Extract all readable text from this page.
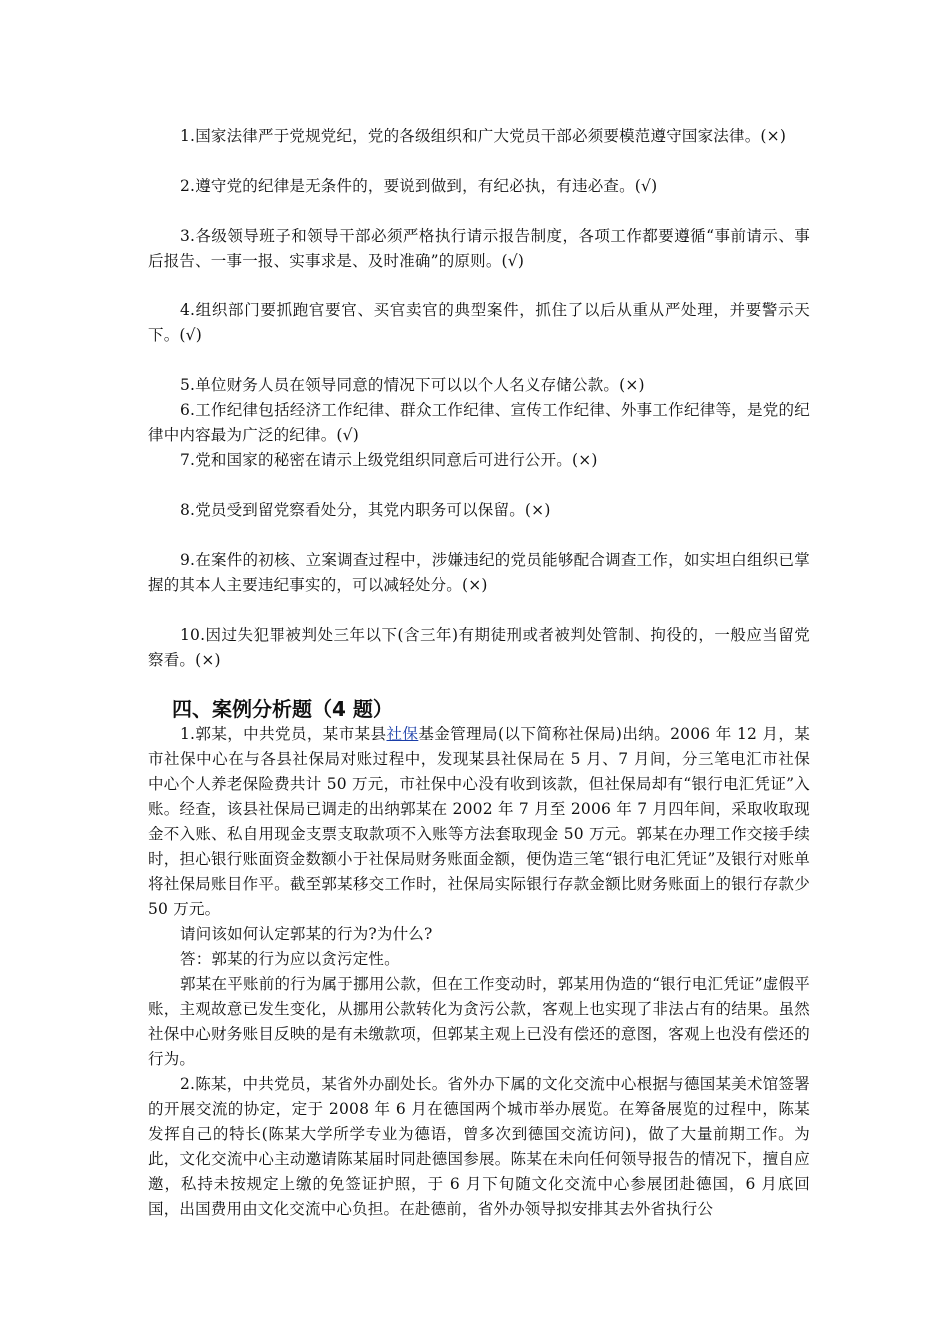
1.国家法律严于党规党纪，党的各级组织和广大党员干部必须要模范遵守国家法律。(×)

2.遵守党的纪律是无条件的，要说到做到，有纪必执，有违必查。(√)

3.各级领导班子和领导干部必须严格执行请示报告制度，各项工作都要遵循“事前请示、事后报告、一事一报、实事求是、及时准确”的原则。(√)

4.组织部门要抓跑官要官、买官卖官的典型案件，抓住了以后从重从严处理，并要警示天下。(√)

5.单位财务人员在领导同意的情况下可以以个人名义存储公款。(×)

6.工作纪律包括经济工作纪律、群众工作纪律、宣传工作纪律、外事工作纪律等，是党的纪律中内容最为广泛的纪律。(√)

7.党和国家的秘密在请示上级党组织同意后可进行公开。(×)

8.党员受到留党察看处分，其党内职务可以保留。(×)

9.在案件的初核、立案调查过程中，涉嫌违纪的党员能够配合调查工作，如实坦白组织已掌握的其本人主要违纪事实的，可以减轻处分。(×)

10.因过失犯罪被判处三年以下(含三年)有期徒刑或者被判处管制、拘役的，一般应当留党察看。(×)

四、案例分析题（4 题）

1.郭某，中共党员，某市某县社保基金管理局(以下简称社保局)出纳。2006 年 12 月，某市社保中心在与各县社保局对账过程中，发现某县社保局在 5 月、7 月间，分三笔电汇市社保中心个人养老保险费共计 50 万元，市社保中心没有收到该款，但社保局却有“银行电汇凭证”入账。经查，该县社保局已调走的出纳郭某在 2002 年 7 月至 2006 年 7 月四年间，采取收取现金不入账、私自用现金支票支取款项不入账等方法套取现金 50 万元。郭某在办理工作交接手续时，担心银行账面资金数额小于社保局财务账面金额，便伪造三笔“银行电汇凭证”及银行对账单将社保局账目作平。截至郭某移交工作时，社保局实际银行存款金额比财务账面上的银行存款少 50 万元。

请问该如何认定郭某的行为?为什么?

答：郭某的行为应以贪污定性。

郭某在平账前的行为属于挪用公款，但在工作变动时，郭某用伪造的“银行电汇凭证”虚假平账，主观故意已发生变化，从挪用公款转化为贪污公款，客观上也实现了非法占有的结果。虽然社保中心财务账目反映的是有未缴款项，但郭某主观上已没有偿还的意图，客观上也没有偿还的行为。

2.陈某，中共党员，某省外办副处长。省外办下属的文化交流中心根据与德国某美术馆签署的开展交流的协定，定于 2008 年 6 月在德国两个城市举办展览。在筹备展览的过程中，陈某发挥自己的特长(陈某大学所学专业为德语，曾多次到德国交流访问)，做了大量前期工作。为此，文化交流中心主动邀请陈某届时同赴德国参展。陈某在未向任何领导报告的情况下，擅自应邀，私持未按规定上缴的免签证护照，于 6 月下旬随文化交流中心参展团赴德国，6 月底回国，出国费用由文化交流中心负担。在赴德前，省外办领导拟安排其去外省执行公
